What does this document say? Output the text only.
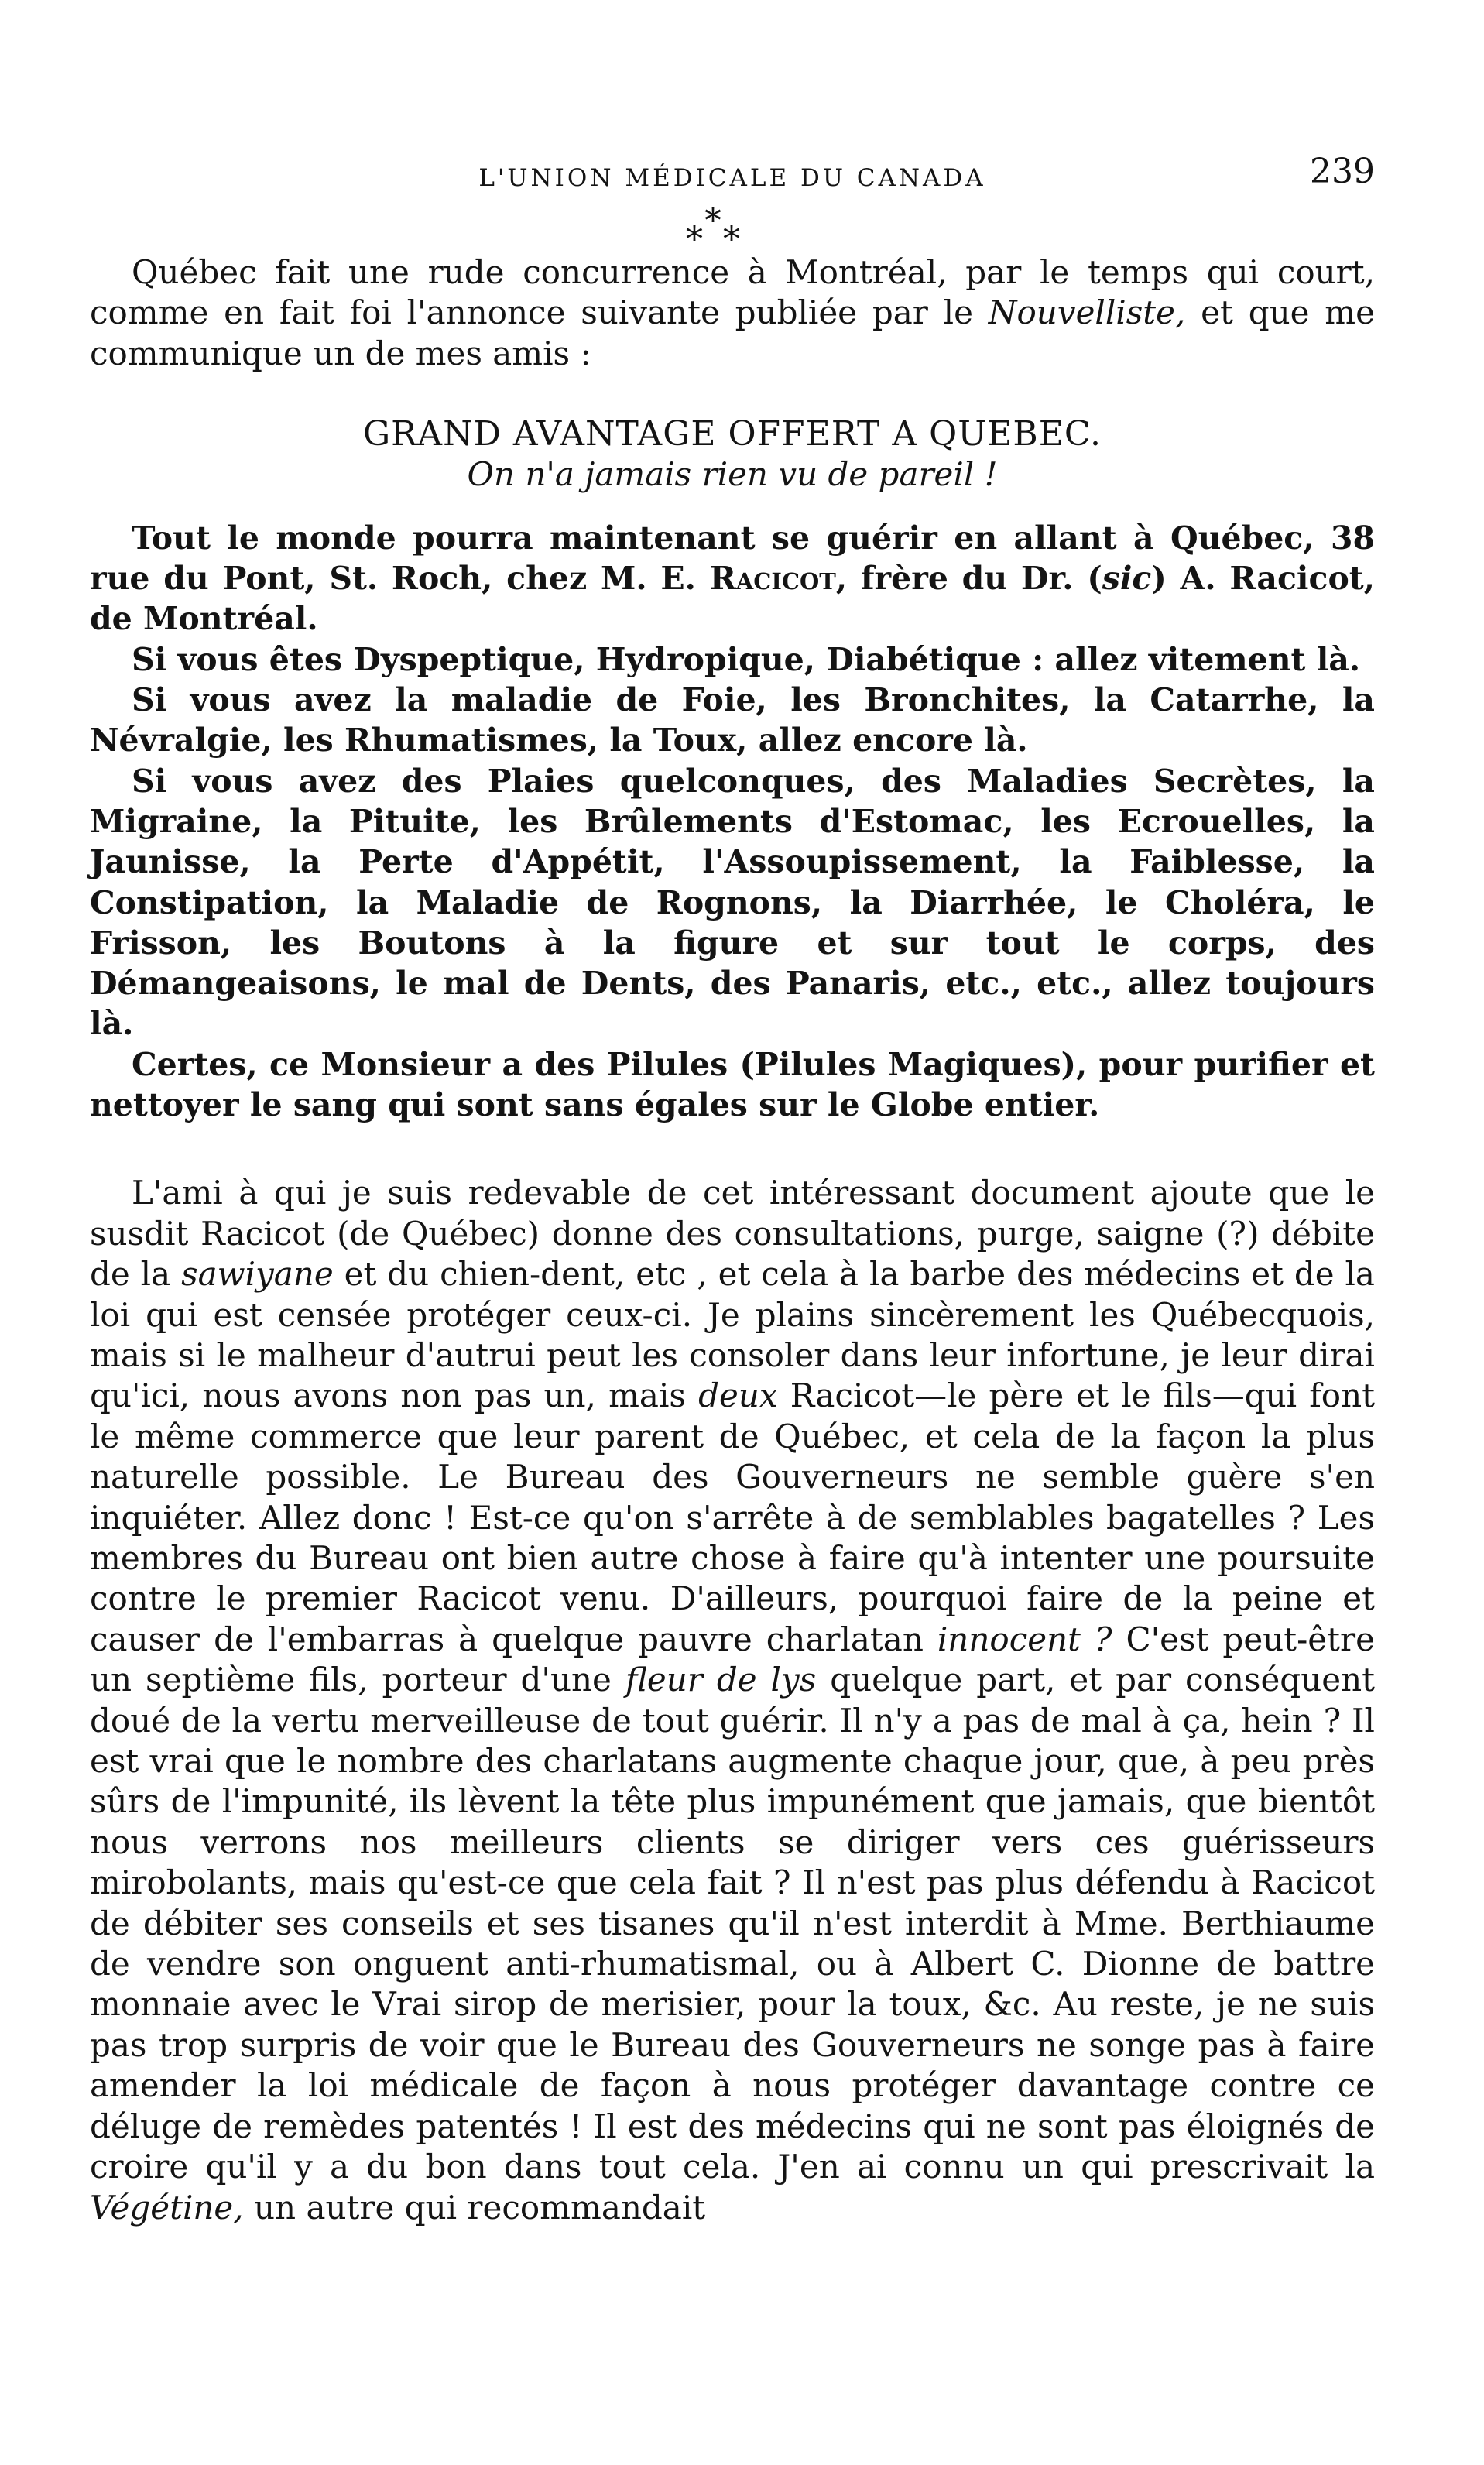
L'UNION MÉDICALE DU CANADA	239
*
* *

Québec fait une rude concurrence à Montréal, par le temps qui court, comme en fait foi l'annonce suivante publiée par le Nouvelliste, et que me communique un de mes amis :

GRAND AVANTAGE OFFERT A QUEBEC.
On n'a jamais rien vu de pareil !

Tout le monde pourra maintenant se guérir en allant à Québec, 38 rue du Pont, St. Roch, chez M. E. Racicot, frère du Dr. (sic) A. Racicot, de Montréal.

Si vous êtes Dyspeptique, Hydropique, Diabétique : allez vitement là.

Si vous avez la maladie de Foie, les Bronchites, la Catarrhe, la Névralgie, les Rhumatismes, la Toux, allez encore là.

Si vous avez des Plaies quelconques, des Maladies Secrètes, la Migraine, la Pituite, les Brûlements d'Estomac, les Ecrouelles, la Jaunisse, la Perte d'Appétit, l'Assoupissement, la Faiblesse, la Constipation, la Maladie de Rognons, la Diarrhée, le Choléra, le Frisson, les Boutons à la figure et sur tout le corps, des Démangeaisons, le mal de Dents, des Panaris, etc., etc., allez toujours là.

Certes, ce Monsieur a des Pilules (Pilules Magiques), pour purifier et nettoyer le sang qui sont sans égales sur le Globe entier.

L'ami à qui je suis redevable de cet intéressant document ajoute que le susdit Racicot (de Québec) donne des consultations, purge, saigne (?) débite de la sawiyane et du chien-dent, etc , et cela à la barbe des médecins et de la loi qui est censée protéger ceux-ci. Je plains sincèrement les Québecquois, mais si le malheur d'autrui peut les consoler dans leur infortune, je leur dirai qu'ici, nous avons non pas un, mais deux Racicot—le père et le fils—qui font le même commerce que leur parent de Québec, et cela de la façon la plus naturelle possible. Le Bureau des Gouverneurs ne semble guère s'en inquiéter. Allez donc ! Est-ce qu'on s'arrête à de semblables bagatelles ? Les membres du Bureau ont bien autre chose à faire qu'à intenter une poursuite contre le premier Racicot venu. D'ailleurs, pourquoi faire de la peine et causer de l'embarras à quelque pauvre charlatan innocent ? C'est peut-être un septième fils, porteur d'une fleur de lys quelque part, et par conséquent doué de la vertu merveilleuse de tout guérir. Il n'y a pas de mal à ça, hein ? Il est vrai que le nombre des charlatans augmente chaque jour, que, à peu près sûrs de l'impunité, ils lèvent la tête plus impunément que jamais, que bientôt nous verrons nos meilleurs clients se diriger vers ces guérisseurs mirobolants, mais qu'est-ce que cela fait ? Il n'est pas plus défendu à Racicot de débiter ses conseils et ses tisanes qu'il n'est interdit à Mme. Berthiaume de vendre son onguent anti-rhumatismal, ou à Albert C. Dionne de battre monnaie avec le Vrai sirop de merisier, pour la toux, &c. Au reste, je ne suis pas trop surpris de voir que le Bureau des Gouverneurs ne songe pas à faire amender la loi médicale de façon à nous protéger davantage contre ce déluge de remèdes patentés ! Il est des médecins qui ne sont pas éloignés de croire qu'il y a du bon dans tout cela. J'en ai connu un qui prescrivait la Végétine, un autre qui recommandait
